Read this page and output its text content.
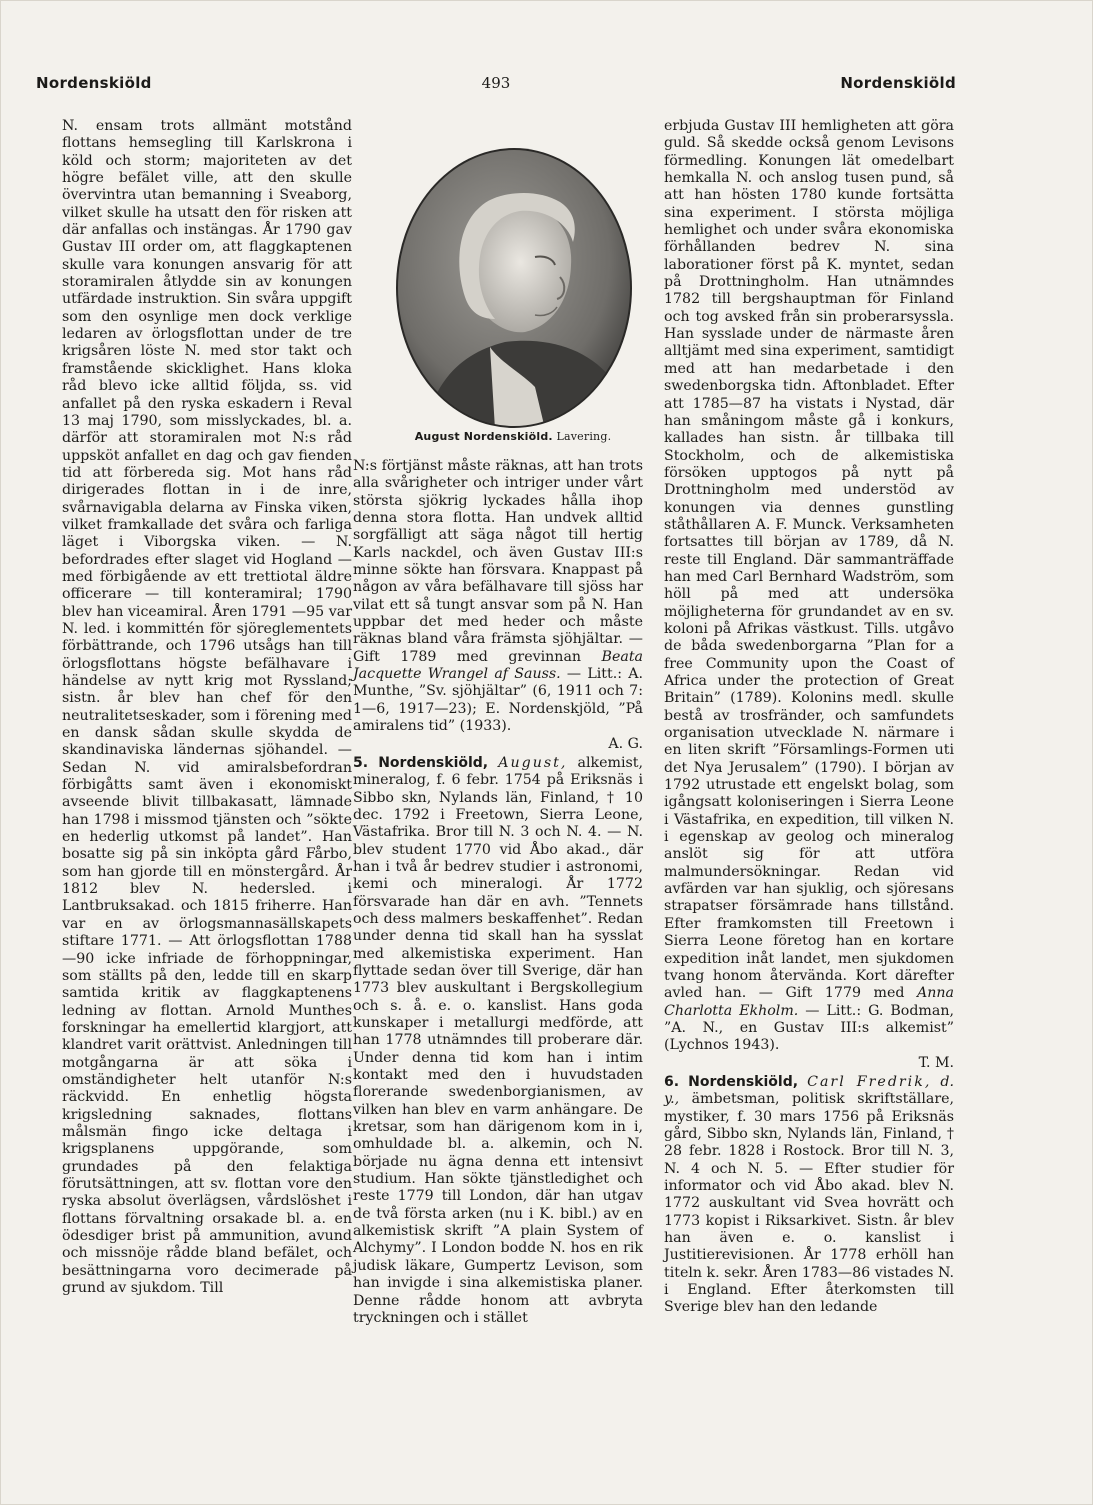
Nordenskiöld	493	Nordenskiöld

N. ensam trots allmänt motstånd flottans hemsegling till Karlskrona i köld och storm; majoriteten av det högre befälet ville, att den skulle övervintra utan bemanning i Sveaborg, vilket skulle ha utsatt den för risken att där anfallas och instängas. År 1790 gav Gustav III order om, att flaggkaptenen skulle vara konungen ansvarig för att storamiralen åtlydde sin av konungen utfärdade instruktion. Sin svåra uppgift som den osynlige men dock verklige ledaren av örlogsflottan under de tre krigsåren löste N. med stor takt och framstående skicklighet. Hans kloka råd blevo icke alltid följda, ss. vid anfallet på den ryska eskadern i Reval 13 maj 1790, som misslyckades, bl. a. därför att storamiralen mot N:s råd uppsköt anfallet en dag och gav fienden tid att förbereda sig. Mot hans råd dirigerades flottan in i de inre, svårnavigabla delarna av Finska viken, vilket framkallade det svåra och farliga läget i Viborgska viken. — N. befordrades efter slaget vid Hogland — med förbigående av ett trettiotal äldre officerare — till konteramiral; 1790 blev han viceamiral. Åren 1791 —95 var N. led. i kommittén för sjöreglementets förbättrande, och 1796 utsågs han till örlogsflottans högste befälhavare i händelse av nytt krig mot Ryssland; sistn. år blev han chef för den neutralitetseskader, som i förening med en dansk sådan skulle skydda de skandinaviska ländernas sjöhandel. — Sedan N. vid amiralsbefordran förbigåtts samt även i ekonomiskt avseende blivit tillbakasatt, lämnade han 1798 i missmod tjänsten och ”sökte en hederlig utkomst på landet”. Han bosatte sig på sin inköpta gård Fårbo, som han gjorde till en mönstergård. År 1812 blev N. hedersled. i Lantbruksakad. och 1815 friherre. Han var en av örlogsmannasällskapets stiftare 1771. — Att örlogsflottan 1788—90 icke infriade de förhoppningar, som ställts på den, ledde till en skarp samtida kritik av flaggkaptenens ledning av flottan. Arnold Munthes forskningar ha emellertid klargjort, att klandret varit orättvist. Anledningen till motgångarna är att söka i omständigheter helt utanför N:s räckvidd. En enhetlig högsta krigsledning saknades, flottans målsmän fingo icke deltaga i krigsplanens uppgörande, som grundades på den felaktiga förutsättningen, att sv. flottan vore den ryska absolut överlägsen, vårdslöshet i flottans förvaltning orsakade bl. a. en ödesdiger brist på ammunition, avund och missnöje rådde bland befälet, och besättningarna voro decimerade på grund av sjukdom. Till

August Nordenskiöld. Lavering.

N:s förtjänst måste räknas, att han trots alla svårigheter och intriger under vårt största sjökrig lyckades hålla ihop denna stora flotta. Han undvek alltid sorgfälligt att säga något till hertig Karls nackdel, och även Gustav III:s minne sökte han försvara. Knappast på någon av våra befälhavare till sjöss har vilat ett så tungt ansvar som på N. Han uppbar det med heder och måste räknas bland våra främsta sjöhjältar. — Gift 1789 med grevinnan Beata Jacquette Wrangel af Sauss. — Litt.: A. Munthe, ”Sv. sjöhjältar” (6, 1911 och 7: 1—6, 1917—23); E. Nordenskjöld, ”På amiralens tid” (1933).
A. G.

5. Nordenskiöld, August, alkemist, mineralog, f. 6 febr. 1754 på Eriksnäs i Sibbo skn, Nylands län, Finland, † 10 dec. 1792 i Freetown, Sierra Leone, Västafrika. Bror till N. 3 och N. 4. — N. blev student 1770 vid Åbo akad., där han i två år bedrev studier i astronomi, kemi och mineralogi. År 1772 försvarade han där en avh. ”Tennets och dess malmers beskaffenhet”. Redan under denna tid skall han ha sysslat med alkemistiska experiment. Han flyttade sedan över till Sverige, där han 1773 blev auskultant i Bergskollegium och s. å. e. o. kanslist. Hans goda kunskaper i metallurgi medförde, att han 1778 utnämndes till proberare där. Under denna tid kom han i intim kontakt med den i huvudstaden florerande swedenborgianismen, av vilken han blev en varm anhängare. De kretsar, som han därigenom kom in i, omhuldade bl. a. alkemin, och N. började nu ägna denna ett intensivt studium. Han sökte tjänstledighet och reste 1779 till London, där han utgav de två första arken (nu i K. bibl.) av en alkemistisk skrift ”A plain System of Alchymy”. I London bodde N. hos en rik judisk läkare, Gumpertz Levison, som han invigde i sina alkemistiska planer. Denne rådde honom att avbryta tryckningen och i stället

erbjuda Gustav III hemligheten att göra guld. Så skedde också genom Levisons förmedling. Konungen lät omedelbart hemkalla N. och anslog tusen pund, så att han hösten 1780 kunde fortsätta sina experiment. I största möjliga hemlighet och under svåra ekonomiska förhållanden bedrev N. sina laborationer först på K. myntet, sedan på Drottningholm. Han utnämndes 1782 till bergshauptman för Finland och tog avsked från sin proberarsyssla. Han sysslade under de närmaste åren alltjämt med sina experiment, samtidigt med att han medarbetade i den swedenborgska tidn. Aftonbladet. Efter att 1785—87 ha vistats i Nystad, där han småningom måste gå i konkurs, kallades han sistn. år tillbaka till Stockholm, och de alkemistiska försöken upptogos på nytt på Drottningholm med understöd av konungen via dennes gunstling ståthållaren A. F. Munck. Verksamheten fortsattes till början av 1789, då N. reste till England. Där sammanträffade han med Carl Bernhard Wadström, som höll på med att undersöka möjligheterna för grundandet av en sv. koloni på Afrikas västkust. Tills. utgåvo de båda swedenborgarna ”Plan for a free Community upon the Coast of Africa under the protection of Great Britain” (1789). Kolonins medl. skulle bestå av trosfränder, och samfundets organisation utvecklade N. närmare i en liten skrift ”Församlings-Formen uti det Nya Jerusalem” (1790). I början av 1792 utrustade ett engelskt bolag, som igångsatt koloniseringen i Sierra Leone i Västafrika, en expedition, till vilken N. i egenskap av geolog och mineralog anslöt sig för att utföra malmundersökningar. Redan vid avfärden var han sjuklig, och sjöresans strapatser försämrade hans tillstånd. Efter framkomsten till Freetown i Sierra Leone företog han en kortare expedition inåt landet, men sjukdomen tvang honom återvända. Kort därefter avled han. — Gift 1779 med Anna Charlotta Ekholm. — Litt.: G. Bodman, ”A. N., en Gustav III:s alkemist” (Lychnos 1943).
T. M.

6. Nordenskiöld, Carl Fredrik, d. y., ämbetsman, politisk skriftställare, mystiker, f. 30 mars 1756 på Eriksnäs gård, Sibbo skn, Nylands län, Finland, † 28 febr. 1828 i Rostock. Bror till N. 3, N. 4 och N. 5. — Efter studier för informator och vid Åbo akad. blev N. 1772 auskultant vid Svea hovrätt och 1773 kopist i Riksarkivet. Sistn. år blev han även e. o. kanslist i Justitierevisionen. År 1778 erhöll han titeln k. sekr. Åren 1783—86 vistades N. i England. Efter återkomsten till Sverige blev han den ledande
